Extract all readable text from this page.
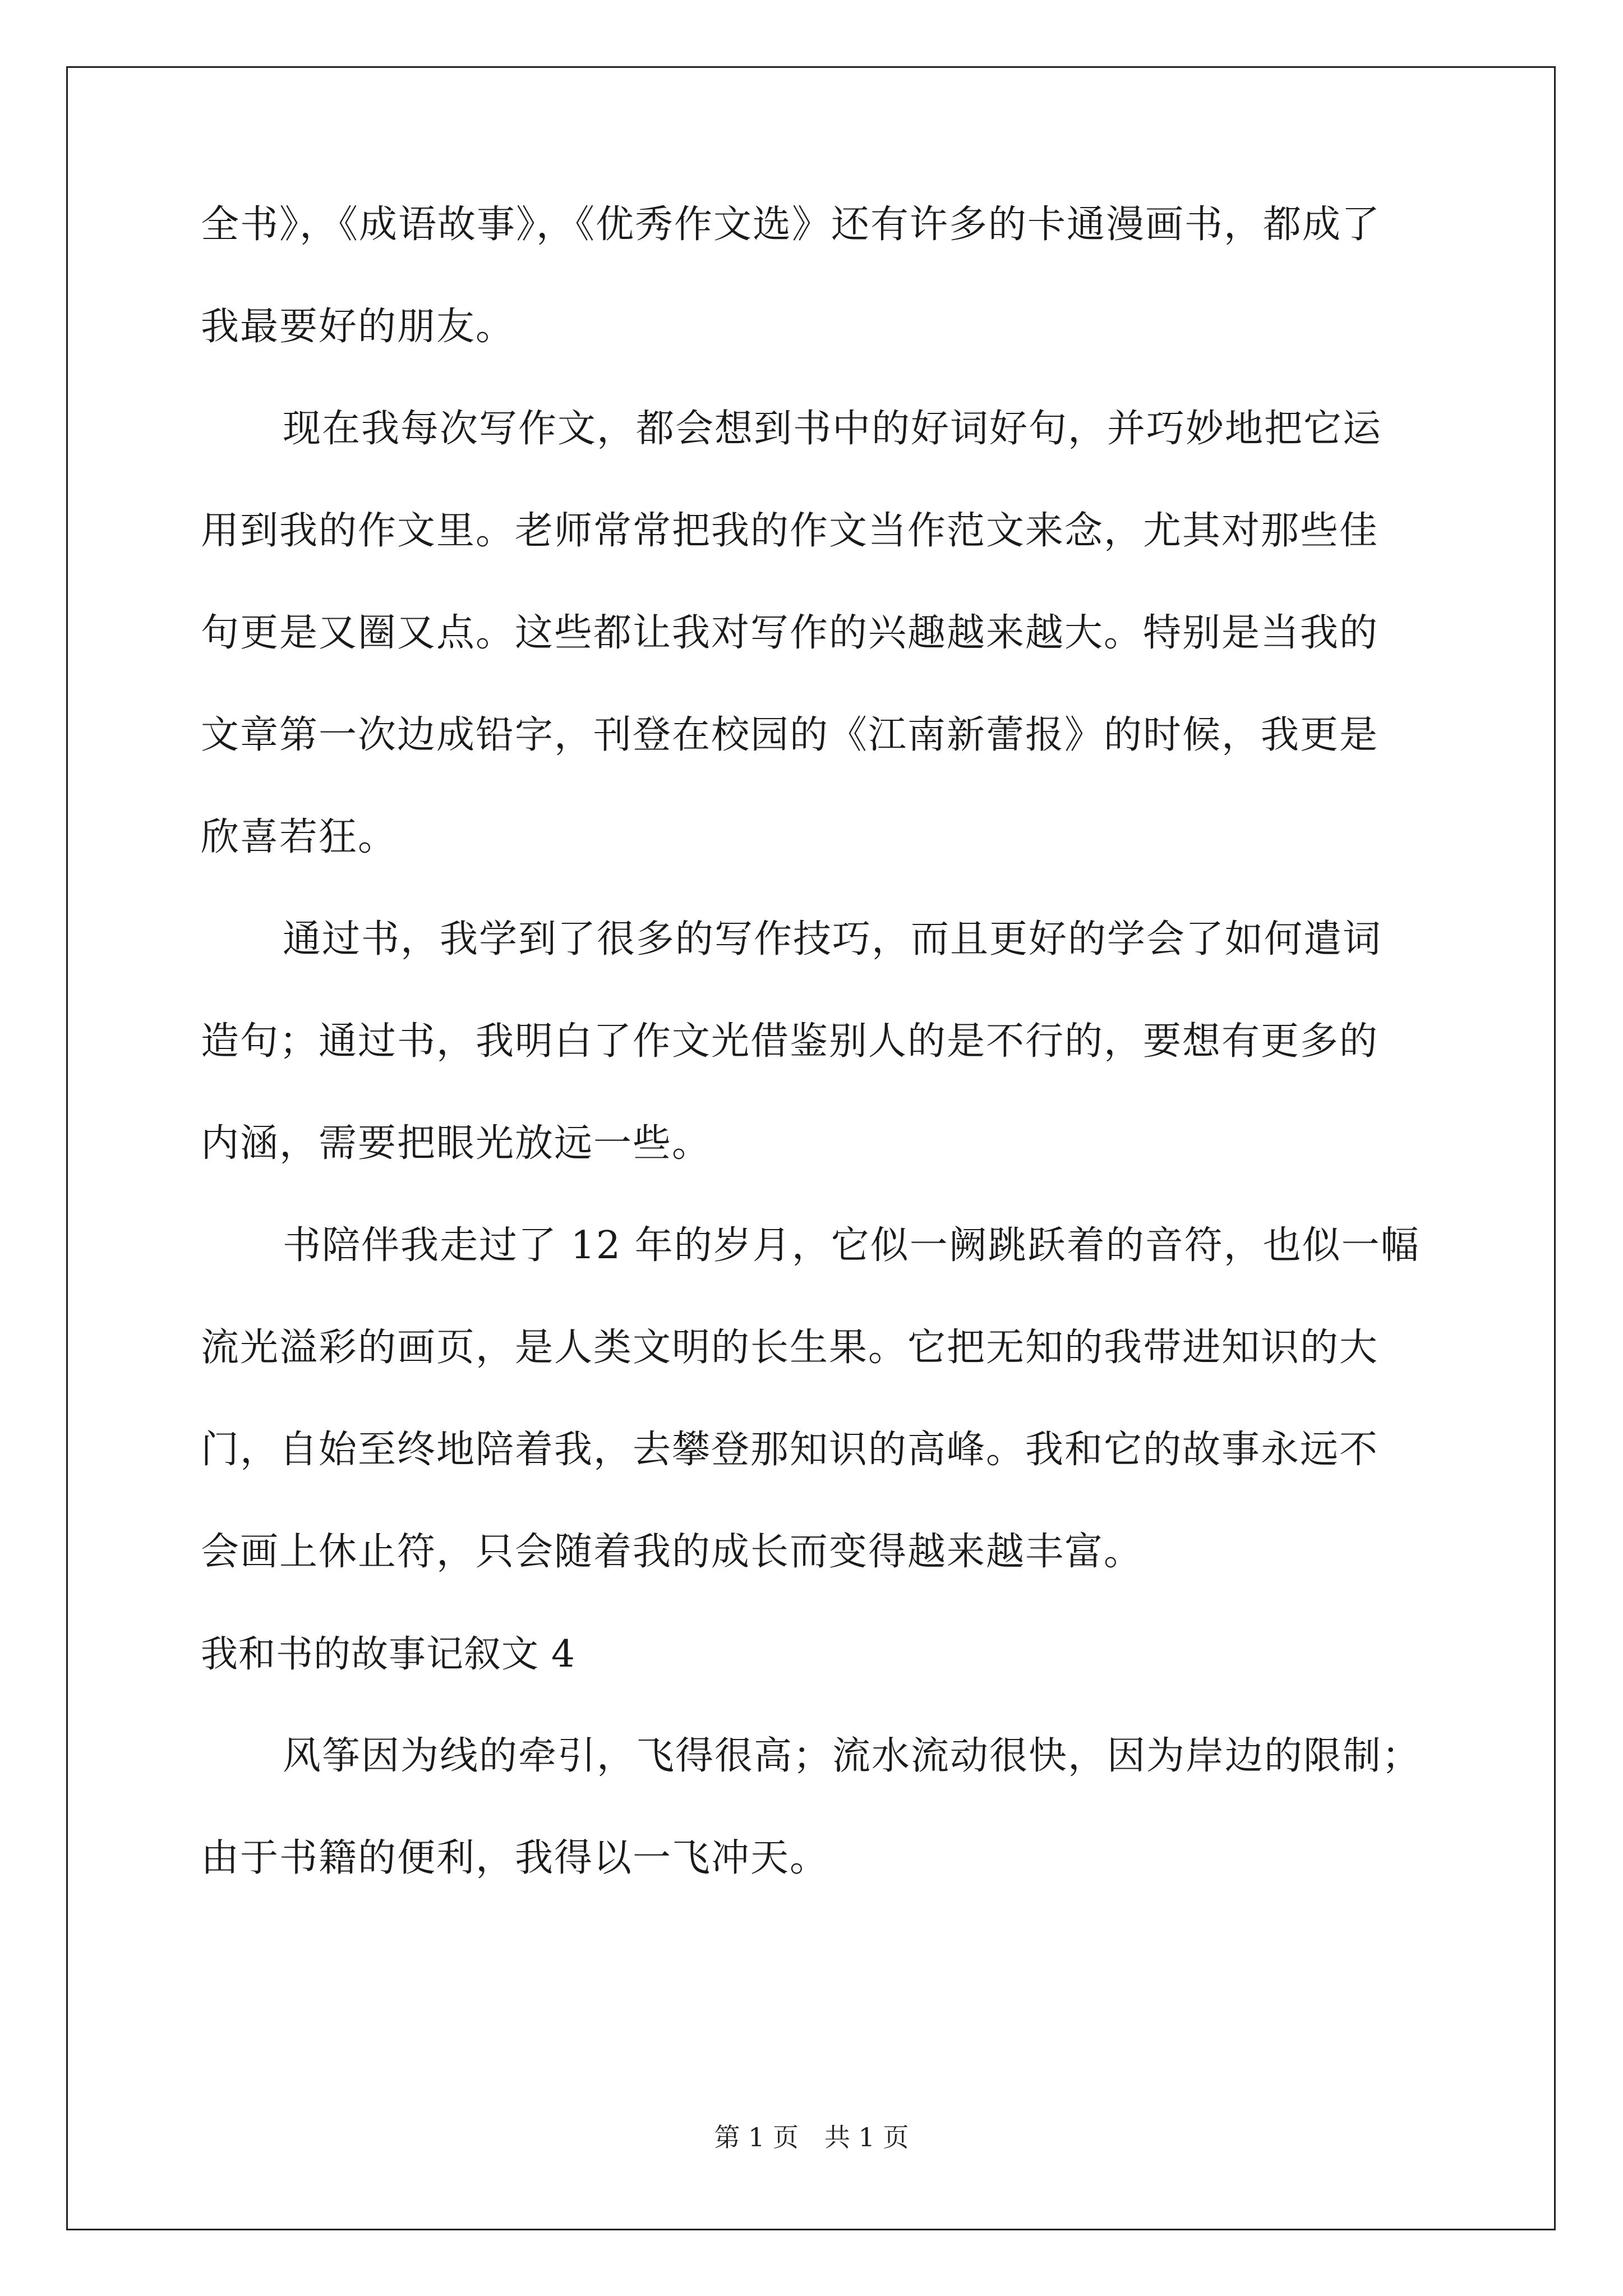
全书》，《成语故事》，《优秀作文选》还有许多的卡通漫画书，都成了
我最要好的朋友。
现在我每次写作文，都会想到书中的好词好句，并巧妙地把它运
用到我的作文里。老师常常把我的作文当作范文来念，尤其对那些佳
句更是又圈又点。这些都让我对写作的兴趣越来越大。特别是当我的
文章第一次边成铅字，刊登在校园的《江南新蕾报》的时候，我更是
欣喜若狂。
通过书，我学到了很多的写作技巧，而且更好的学会了如何遣词
造句；通过书，我明白了作文光借鉴别人的是不行的，要想有更多的
内涵，需要把眼光放远一些。
书陪伴我走过了 12 年的岁月，它似一阙跳跃着的音符，也似一幅
流光溢彩的画页，是人类文明的长生果。它把无知的我带进知识的大
门，自始至终地陪着我，去攀登那知识的高峰。我和它的故事永远不
会画上休止符，只会随着我的成长而变得越来越丰富。
我和书的故事记叙文 4
风筝因为线的牵引，飞得很高；流水流动很快，因为岸边的限制；
由于书籍的便利，我得以一飞冲天。
第 1 页 共 1 页
